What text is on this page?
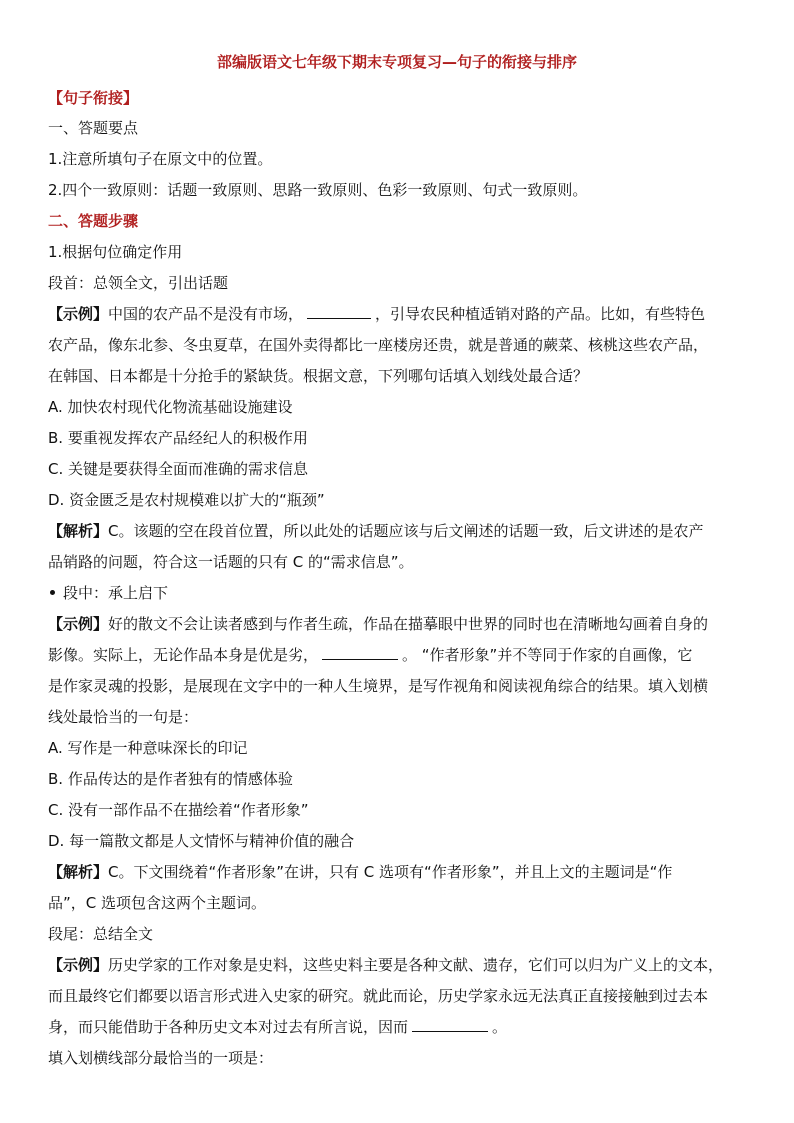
部编版语文七年级下期末专项复习—句子的衔接与排序
【句子衔接】
一、答题要点
1.注意所填句子在原文中的位置。
2.四个一致原则：话题一致原则、思路一致原则、色彩一致原则、句式一致原则。
二、答题步骤
1.根据句位确定作用
段首：总领全文，引出话题
【示例】中国的农产品不是没有市场，	，引导农民种植适销对路的产品。比如，有些特色
农产品，像东北参、冬虫夏草，在国外卖得都比一座楼房还贵，就是普通的蕨菜、核桃这些农产品，
在韩国、日本都是十分抢手的紧缺货。根据文意，下列哪句话填入划线处最合适？
A. 加快农村现代化物流基础设施建设
B. 要重视发挥农产品经纪人的积极作用
C. 关键是要获得全面而准确的需求信息
D. 资金匮乏是农村规模难以扩大的“瓶颈”
【解析】C。该题的空在段首位置，所以此处的话题应该与后文阐述的话题一致，后文讲述的是农产
品销路的问题，符合这一话题的只有 C 的“需求信息”。
段中：承上启下
【示例】好的散文不会让读者感到与作者生疏，作品在描摹眼中世界的同时也在清晰地勾画着自身的
影像。实际上，无论作品本身是优是劣，	。 “作者形象”并不等同于作家的自画像，它
是作家灵魂的投影，是展现在文字中的一种人生境界，是写作视角和阅读视角综合的结果。填入划横
线处最恰当的一句是：
A. 写作是一种意味深长的印记
B. 作品传达的是作者独有的情感体验
C. 没有一部作品不在描绘着“作者形象”
D. 每一篇散文都是人文情怀与精神价值的融合
【解析】C。下文围绕着“作者形象”在讲，只有 C 选项有“作者形象”，并且上文的主题词是“作
品”，C 选项包含这两个主题词。
段尾：总结全文
【示例】历史学家的工作对象是史料，这些史料主要是各种文献、遗存，它们可以归为广义上的文本，
而且最终它们都要以语言形式进入史家的研究。就此而论，历史学家永远无法真正直接接触到过去本
身，而只能借助于各种历史文本对过去有所言说，因而	。
填入划横线部分最恰当的一项是：
